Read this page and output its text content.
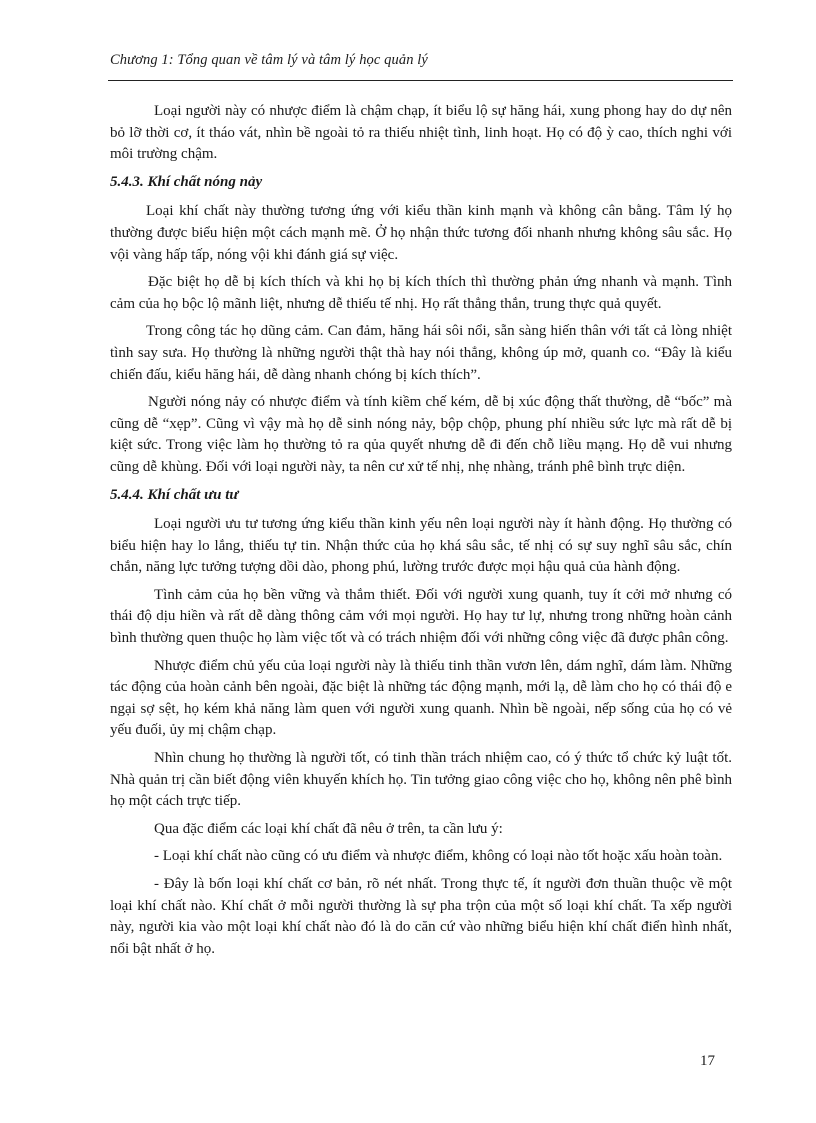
Chương 1: Tổng quan về tâm lý và tâm lý học quản lý

Loại người này có nhược điểm là chậm chạp, ít biểu lộ sự hăng hái, xung phong hay do dự nên bỏ lỡ thời cơ, ít tháo vát, nhìn bề ngoài tỏ ra thiếu nhiệt tình, linh hoạt. Họ có độ ỳ cao, thích nghi với môi trường chậm.

5.4.3. Khí chất nóng nảy

Loại khí chất này thường tương ứng với kiểu thần kinh mạnh và không cân bằng. Tâm lý họ thường được biểu hiện một cách mạnh mẽ. Ở họ nhận thức tương đối nhanh nhưng không sâu sắc. Họ vội vàng hấp tấp, nóng vội khi đánh giá sự việc.

Đặc biệt họ dễ bị kích thích và khi họ bị kích thích thì thường phản ứng nhanh và mạnh. Tình cảm của họ bộc lộ mãnh liệt, nhưng dễ thiếu tế nhị. Họ rất thẳng thắn, trung thực quả quyết.

Trong công tác họ dũng cảm. Can đảm, hăng hái sôi nổi, sẵn sàng hiến thân với tất cả lòng nhiệt tình say sưa. Họ thường là những người thật thà hay nói thẳng, không úp mở, quanh co. “Đây là kiểu chiến đấu, kiểu hăng hái, dễ dàng nhanh chóng bị kích thích”.

Người nóng nảy có nhược điểm và tính kiềm chế kém, dễ bị xúc động thất thường, dễ “bốc” mà cũng dễ “xẹp”. Cũng vì vậy mà họ dễ sinh nóng nảy, bộp chộp, phung phí nhiều sức lực mà rất dễ bị kiệt sức. Trong việc làm họ thường tỏ ra qủa quyết nhưng dễ đi đến chỗ liều mạng. Họ dễ vui nhưng cũng dễ khùng. Đối với loại người này, ta nên cư xử tế nhị, nhẹ nhàng, tránh phê bình trực diện.

5.4.4. Khí chất ưu tư

Loại người ưu tư tương ứng kiểu thần kinh yếu nên loại người này ít hành động. Họ thường có biểu hiện hay lo lắng, thiếu tự tin. Nhận thức của họ khá sâu sắc, tế nhị có sự suy nghĩ sâu sắc, chín chắn, năng lực tưởng tượng dồi dào, phong phú, lường trước được mọi hậu quả của hành động.

Tình cảm của họ bền vững và thắm thiết. Đối với người xung quanh, tuy ít cởi mở nhưng có thái độ dịu hiền và rất dễ dàng thông cảm với mọi người. Họ hay tư lự, nhưng trong những hoàn cảnh bình thường quen thuộc họ làm việc tốt và có trách nhiệm đối với những công việc đã được phân công.

Nhược điểm chủ yếu của loại người này là thiếu tinh thần vươn lên, dám nghĩ, dám làm. Những tác động của hoàn cảnh bên ngoài, đặc biệt là những tác động mạnh, mới lạ, dễ làm cho họ có thái độ e ngại sợ sệt, họ kém khả năng làm quen với người xung quanh. Nhìn bề ngoài, nếp sống của họ có vẻ yếu đuối, ủy mị chậm chạp.

Nhìn chung họ thường là người tốt, có tinh thần trách nhiệm cao, có ý thức tổ chức kỷ luật tốt. Nhà quản trị cần biết động viên khuyến khích họ. Tin tưởng giao công việc cho họ, không nên phê bình họ một cách trực tiếp.

Qua đặc điểm các loại khí chất đã nêu ở trên, ta cần lưu ý:

- Loại khí chất nào cũng có ưu điểm và nhược điểm, không có loại nào tốt hoặc xấu hoàn toàn.

- Đây là bốn loại khí chất cơ bản, rõ nét nhất. Trong thực tế, ít người đơn thuần thuộc về một loại khí chất nào. Khí chất ở mỗi người thường là sự pha trộn của một số loại khí chất. Ta xếp người này, người kia vào một loại khí chất nào đó là do căn cứ vào những biểu hiện khí chất điển hình nhất, nổi bật nhất ở họ.

17
